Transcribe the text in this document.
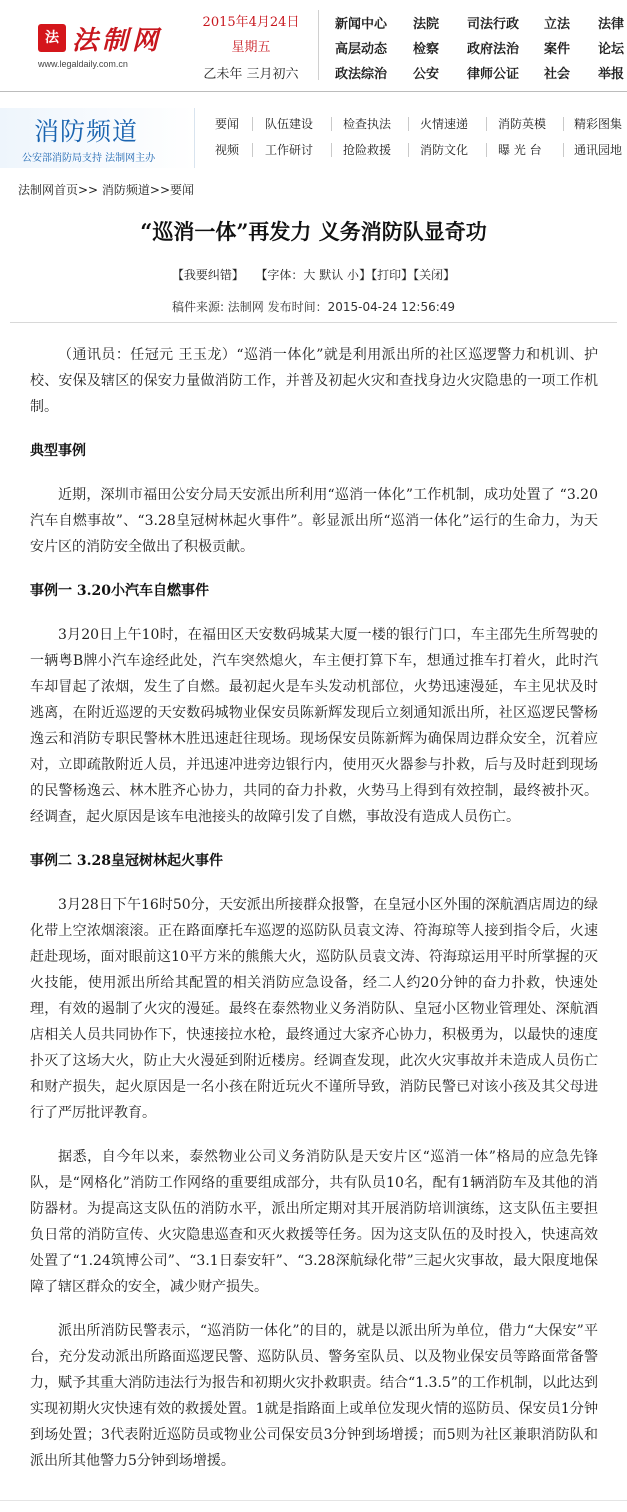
法 法制网
www.legaldaily.com.cn
2015年4月24日
星期五
乙未年 三月初六
新闻中心
高层动态
政法综治
法院
检察
公安
司法行政
政府法治
律师公证
立法
案件
社会
法律
论坛
举报
消防频道
公安部消防局支持 法制网主办
要闻 队伍建设 检查执法 火情速递 消防英模 精彩图集
视频 工作研讨 抢险救援 消防文化 曝 光 台	通讯园地
法制网首页>> 消防频道>>要闻
“巡消一体”再发力 义务消防队显奇功
【我要纠错】 【字体：大 默认 小】【打印】【关闭】
稿件来源: 法制网 发布时间：2015-04-24 12:56:49

（通讯员：任冠元 王玉龙）“巡消一体化”就是利用派出所的社区巡逻警力和机训、护校、安保及辖区的保安力量做消防工作，并普及初起火灾和查找身边火灾隐患的一项工作机制。

典型事例

近期，深圳市福田公安分局天安派出所利用“巡消一体化”工作机制，成功处置了 “3.20汽车自燃事故”、“3.28皇冠树林起火事件”。彰显派出所“巡消一体化”运行的生命力，为天安片区的消防安全做出了积极贡献。

事例一 3.20小汽车自燃事件

3月20日上午10时，在福田区天安数码城某大厦一楼的银行门口，车主邵先生所驾驶的一辆粤B牌小汽车途经此处，汽车突然熄火，车主便打算下车，想通过推车打着火，此时汽车却冒起了浓烟，发生了自燃。最初起火是车头发动机部位，火势迅速漫延，车主见状及时逃离，在附近巡逻的天安数码城物业保安员陈新辉发现后立刻通知派出所，社区巡逻民警杨逸云和消防专职民警林木胜迅速赶往现场。现场保安员陈新辉为确保周边群众安全，沉着应对，立即疏散附近人员，并迅速冲进旁边银行内，使用灭火器参与扑救，后与及时赶到现场的民警杨逸云、林木胜齐心协力，共同的奋力扑救，火势马上得到有效控制，最终被扑灭。经调查，起火原因是该车电池接头的故障引发了自燃，事故没有造成人员伤亡。

事例二 3.28皇冠树林起火事件

3月28日下午16时50分，天安派出所接群众报警，在皇冠小区外围的深航酒店周边的绿化带上空浓烟滚滚。正在路面摩托车巡逻的巡防队员袁文涛、符海琼等人接到指令后，火速赶赴现场，面对眼前这10平方米的熊熊大火，巡防队员袁文涛、符海琼运用平时所掌握的灭火技能，使用派出所给其配置的相关消防应急设备，经二人约20分钟的奋力扑救，快速处理，有效的遏制了火灾的漫延。最终在泰然物业义务消防队、皇冠小区物业管理处、深航酒店相关人员共同协作下，快速接拉水枪，最终通过大家齐心协力，积极勇为，以最快的速度扑灭了这场大火，防止大火漫延到附近楼房。经调查发现，此次火灾事故并未造成人员伤亡和财产损失，起火原因是一名小孩在附近玩火不谨所导致，消防民警已对该小孩及其父母进行了严厉批评教育。

据悉，自今年以来，泰然物业公司义务消防队是天安片区“巡消一体”格局的应急先锋队，是“网格化”消防工作网络的重要组成部分，共有队员10名，配有1辆消防车及其他的消防器材。为提高这支队伍的消防水平，派出所定期对其开展消防培训演练，这支队伍主要担负日常的消防宣传、火灾隐患巡查和灭火救援等任务。因为这支队伍的及时投入，快速高效处置了“1.24筑博公司”、“3.1日泰安轩”、“3.28深航绿化带”三起火灾事故，最大限度地保障了辖区群众的安全，减少财产损失。

派出所消防民警表示，“巡消防一体化”的目的，就是以派出所为单位，借力“大保安”平台，充分发动派出所路面巡逻民警、巡防队员、警务室队员、以及物业保安员等路面常备警力，赋予其重大消防违法行为报告和初期火灾扑救职责。结合“1.3.5”的工作机制，以此达到实现初期火灾快速有效的救援处置。1就是指路面上或单位发现火情的巡防员、保安员1分钟到场处置；3代表附近巡防员或物业公司保安员3分钟到场增援；而5则为社区兼职消防队和派出所其他警力5分钟到场增援。
